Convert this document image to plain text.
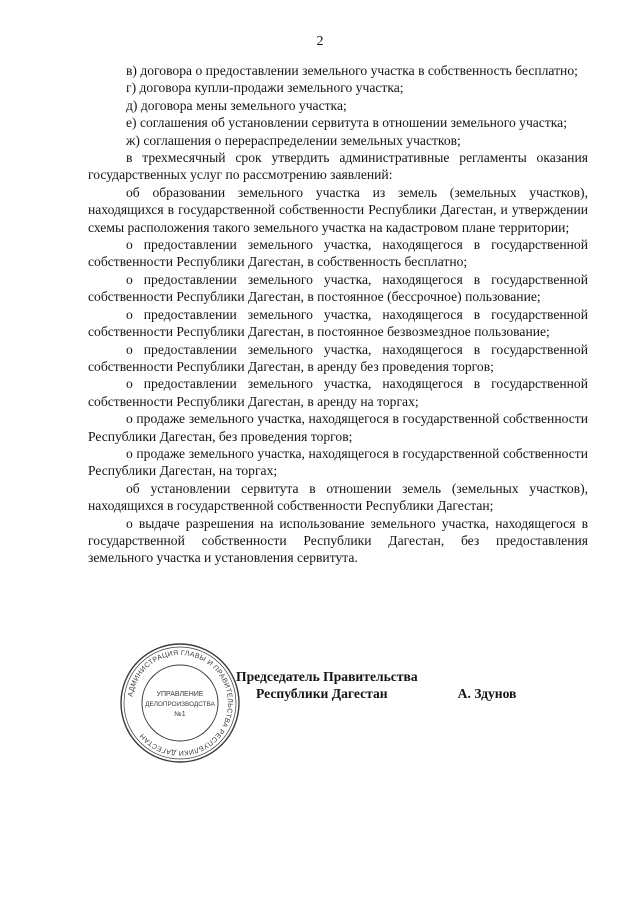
2

в) договора о предоставлении земельного участка в собственность бесплатно;

г) договора купли-продажи земельного участка;

д) договора мены земельного участка;

е) соглашения об установлении сервитута в отношении земельного участка;

ж) соглашения о перераспределении земельных участков;

в трехмесячный срок утвердить административные регламенты оказания государственных услуг по рассмотрению заявлений:

об образовании земельного участка из земель (земельных участков), находящихся в государственной собственности Республики Дагестан, и утверждении схемы расположения такого земельного участка на кадастровом плане территории;

о предоставлении земельного участка, находящегося в государственной собственности Республики Дагестан, в собственность бесплатно;

о предоставлении земельного участка, находящегося в государственной собственности Республики Дагестан, в постоянное (бессрочное) пользование;

о предоставлении земельного участка, находящегося в государственной собственности Республики Дагестан, в постоянное безвозмездное пользование;

о предоставлении земельного участка, находящегося в государственной собственности Республики Дагестан, в аренду без проведения торгов;

о предоставлении земельного участка, находящегося в государственной собственности Республики Дагестан, в аренду на торгах;

о продаже земельного участка, находящегося в государственной собственности Республики Дагестан, без проведения торгов;

о продаже земельного участка, находящегося в государственной собственности Республики Дагестан, на торгах;

об установлении сервитута в отношении земель (земельных участков), находящихся в государственной собственности Республики Дагестан;

о выдаче разрешения на использование земельного участка, находящегося в государственной собственности Республики Дагестан, без предоставления земельного участка и установления сервитута.

АДМИНИСТРАЦИЯ ГЛАВЫ И ПРАВИТЕЛЬСТВА РЕСПУБЛИКИ ДАГЕСТАН
УПРАВЛЕНИЕ
ДЕЛОПРОИЗВОДСТВА
№1
Председатель Правительства
Республики Дагестан	А. Здунов
